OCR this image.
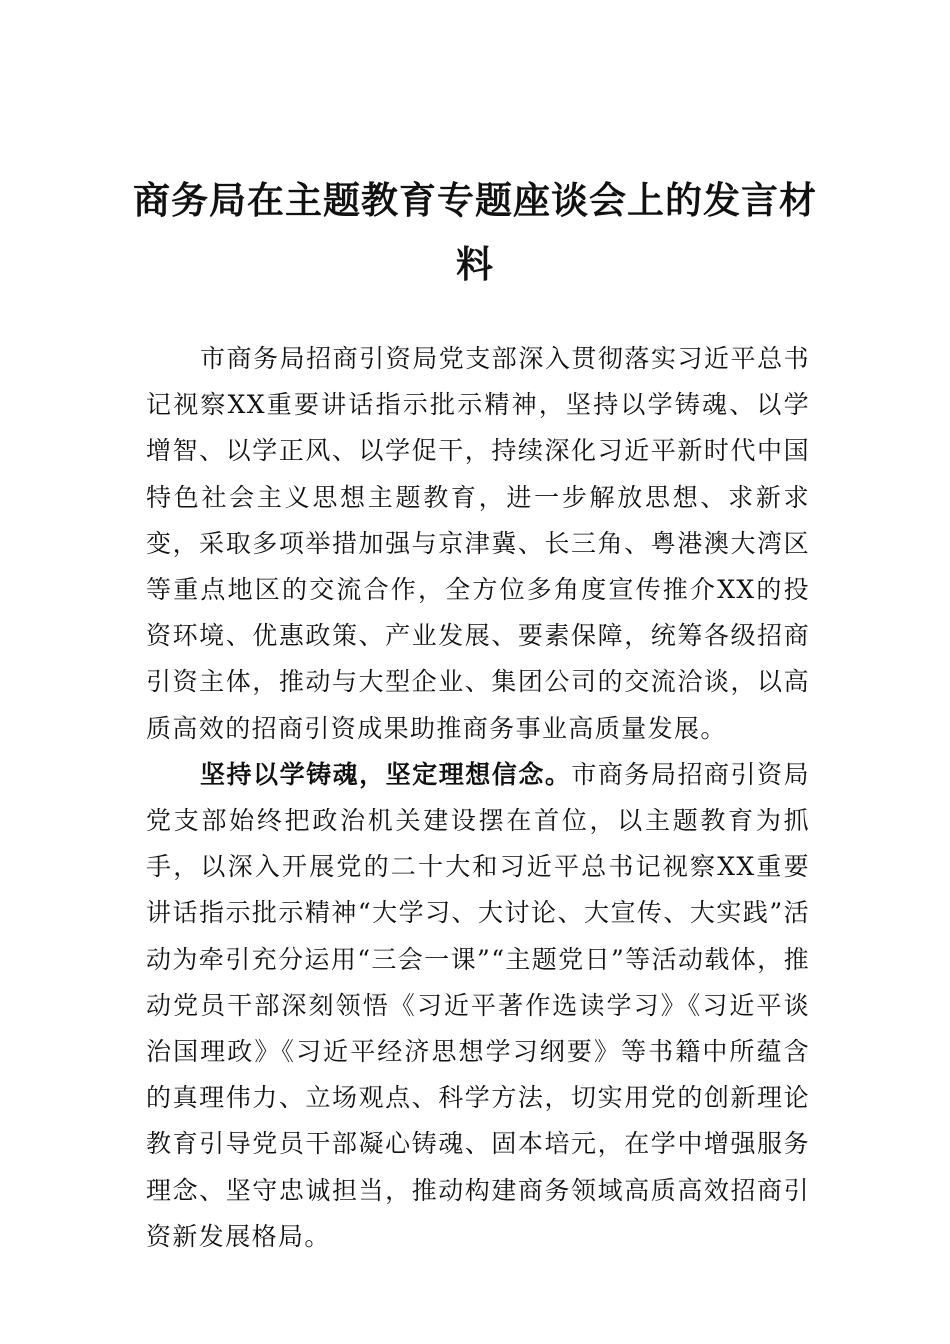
商务局在主题教育专题座谈会上的发言材料

市商务局招商引资局党支部深入贯彻落实习近平总书记视察XX重要讲话指示批示精神，坚持以学铸魂、以学增智、以学正风、以学促干，持续深化习近平新时代中国特色社会主义思想主题教育，进一步解放思想、求新求变，采取多项举措加强与京津冀、长三角、粤港澳大湾区等重点地区的交流合作，全方位多角度宣传推介XX的投资环境、优惠政策、产业发展、要素保障，统筹各级招商引资主体，推动与大型企业、集团公司的交流洽谈，以高质高效的招商引资成果助推商务事业高质量发展。

坚持以学铸魂，坚定理想信念。市商务局招商引资局党支部始终把政治机关建设摆在首位，以主题教育为抓手，以深入开展党的二十大和习近平总书记视察XX重要讲话指示批示精神“大学习、大讨论、大宣传、大实践”活动为牵引充分运用“三会一课”“主题党日”等活动载体，推动党员干部深刻领悟《习近平著作选读学习》《习近平谈治国理政》《习近平经济思想学习纲要》等书籍中所蕴含的真理伟力、立场观点、科学方法，切实用党的创新理论教育引导党员干部凝心铸魂、固本培元，在学中增强服务理念、坚守忠诚担当，推动构建商务领域高质高效招商引资新发展格局。
